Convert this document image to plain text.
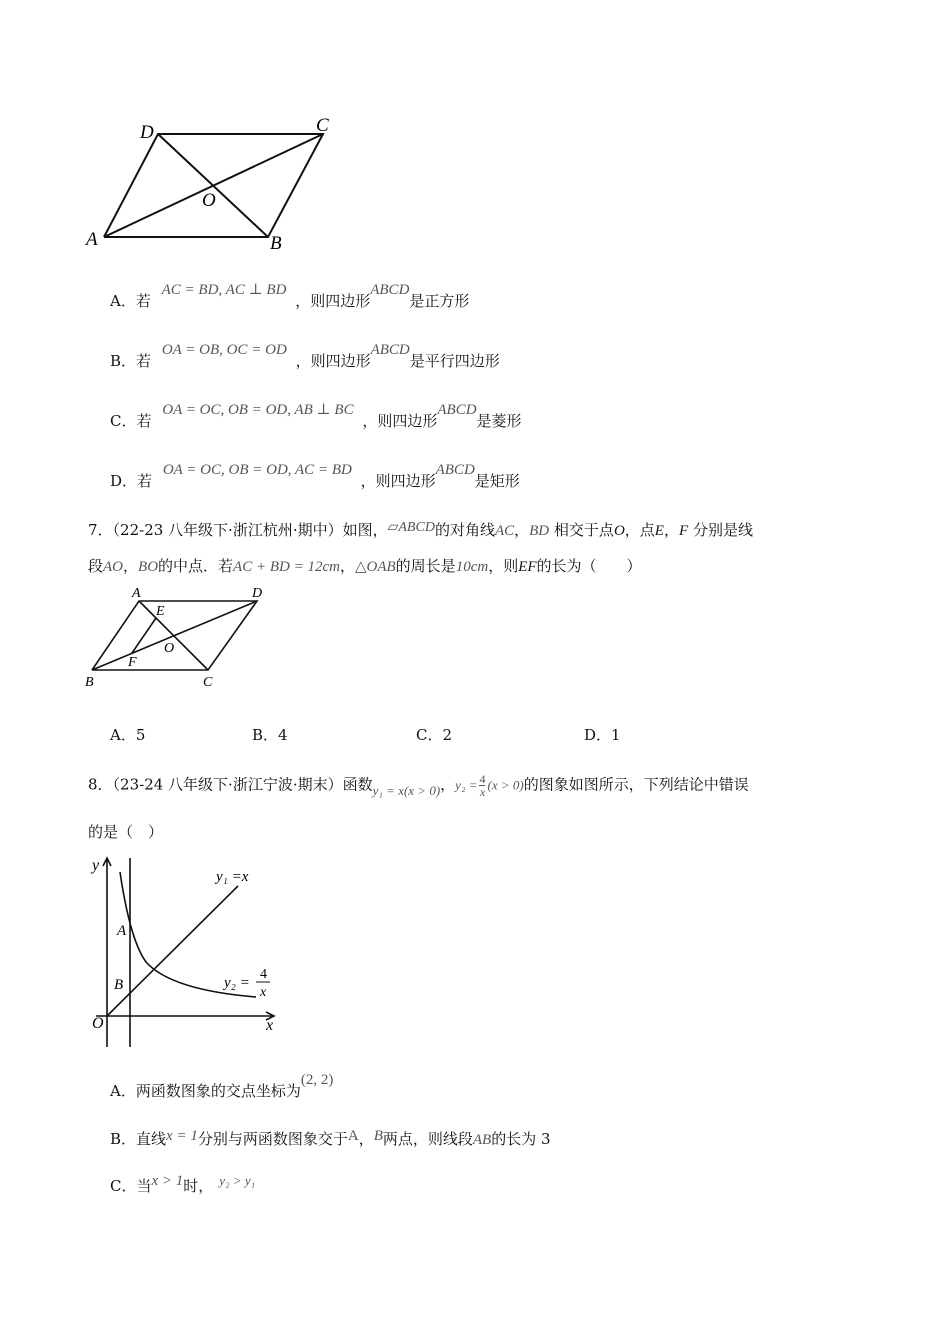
D	C
O
A	B
A．若 AC = BD, AC ⊥ BD ，则四边形ABCD是正方形
B．若 OA = OB, OC = OD ，则四边形ABCD是平行四边形
C．若 OA = OC, OB = OD, AB ⊥ BC ，则四边形ABCD是菱形
D．若 OA = OC, OB = OD, AC = BD ，则四边形ABCD是矩形
7．（22-23 八年级下·浙江杭州·期中）如图，▱ABCD的对角线AC，BD 相交于点O，点E，F 分别是线
段AO，BO的中点．若AC + BD = 12cm，△OAB的周长是10cm，则EF的长为（　　）
A	D
E
O
F
B	C
A．5	B．4	C．2	D．1
8．（23-24 八年级下·浙江宁波·期末）函数y₁ = x(x > 0)，$y_2 = \frac{4}{x} (x > 0)$的图象如图所示，下列结论中错误
的是（　）
y
x
O
A
B
y₁ =x
y₂ =
4
x
A．两函数图象的交点坐标为(2, 2)
B．直线x = 1分别与两函数图象交于A，B两点，则线段AB的长为 3
C．当x > 1时， y₂ > y₁
